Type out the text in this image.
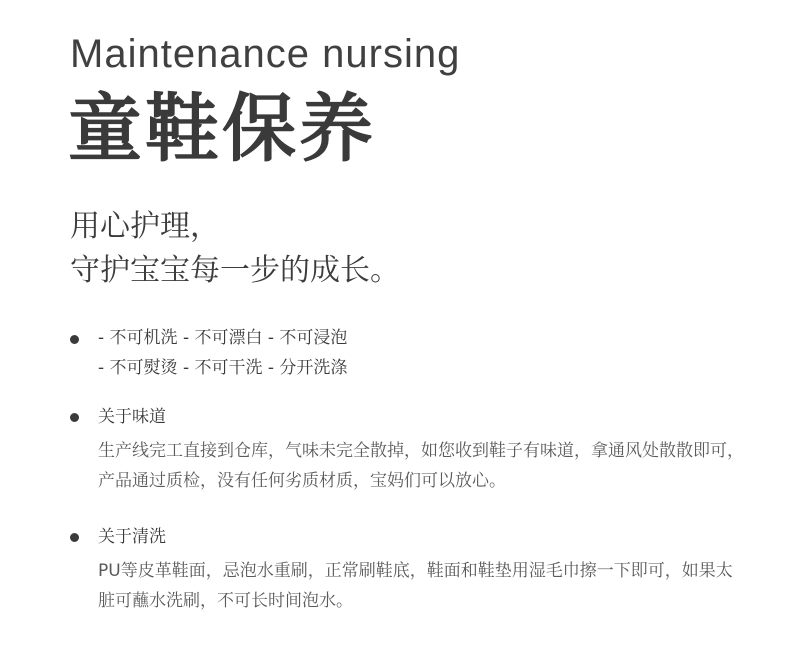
Maintenance nursing
童鞋保养
用心护理，
守护宝宝每一步的成长。
- 不可机洗 - 不可漂白 - 不可浸泡
- 不可熨烫 - 不可干洗 - 分开洗涤
关于味道
生产线完工直接到仓库，气味未完全散掉，如您收到鞋子有味道，拿通风处散散即可，产品通过质检，没有任何劣质材质，宝妈们可以放心。
关于清洗
PU等皮革鞋面，忌泡水重刷，正常刷鞋底，鞋面和鞋垫用湿毛巾擦一下即可，如果太脏可蘸水洗刷，不可长时间泡水。
